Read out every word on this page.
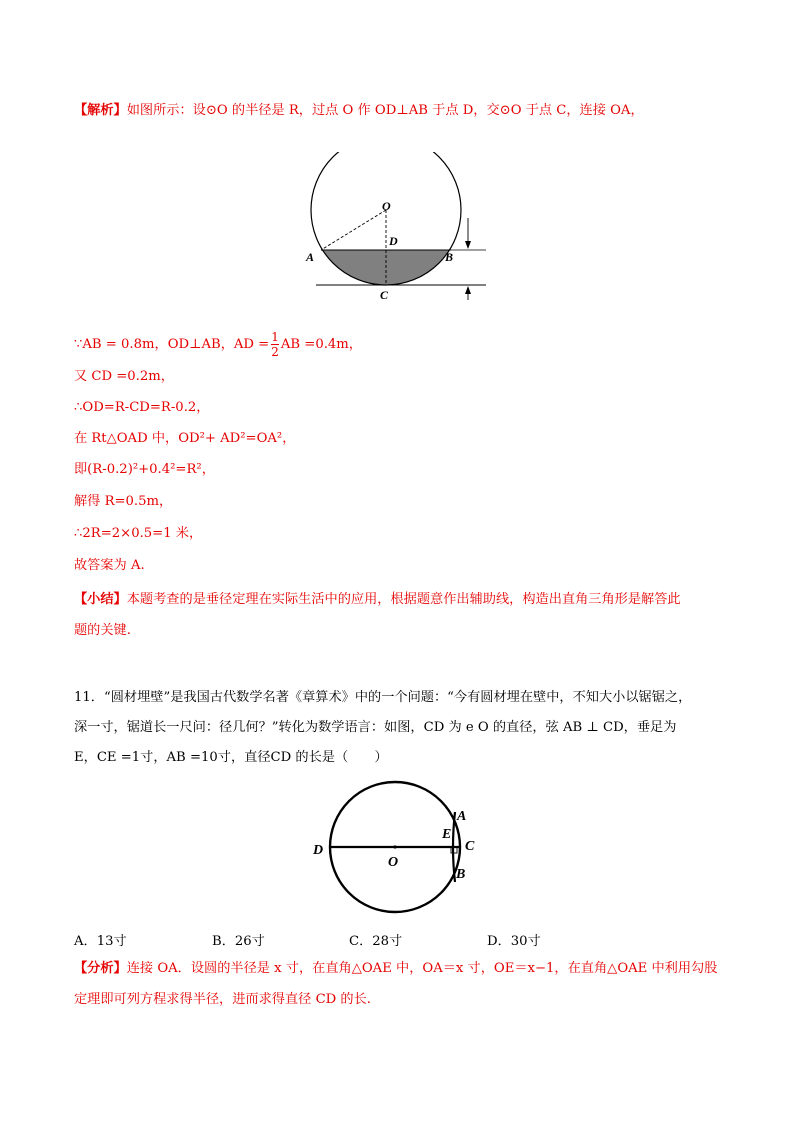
【解析】如图所示：设⊙O 的半径是 R，过点 O 作 OD⊥AB 于点 D，交⊙O 于点 C，连接 OA，
O
D
A	B
C
∵AB = 0.8m，OD⊥AB，AD = $\frac{1}{2}$ AB =0.4m，
又 CD =0.2m，
∴OD=R-CD=R-0.2，
在 Rt△OAD 中，OD²+ AD²=OA²，
即(R-0.2)²+0.4²=R²，
解得 R=0.5m，
∴2R=2×0.5=1 米，
故答案为 A.
【小结】本题考查的是垂径定理在实际生活中的应用，根据题意作出辅助线，构造出直角三角形是解答此
题的关键.
11．“圆材埋壁”是我国古代数学名著《章算术》中的一个问题：“今有圆材埋在壁中，不知大小以锯锯之，
深一寸，锯道长一尺问：径几何？”转化为数学语言：如图，CD 为 e O 的直径，弦 AB ⊥ CD，垂足为
E，CE =1寸，AB =10寸，直径CD 的长是（　　）
D
O
E
C
A
B
A．13寸	B．26寸	C．28寸	D．30寸
【分析】连接 OA．设圆的半径是 x 寸，在直角△OAE 中，OA＝x 寸，OE＝x−1，在直角△OAE 中利用勾股
定理即可列方程求得半径，进而求得直径 CD 的长.
